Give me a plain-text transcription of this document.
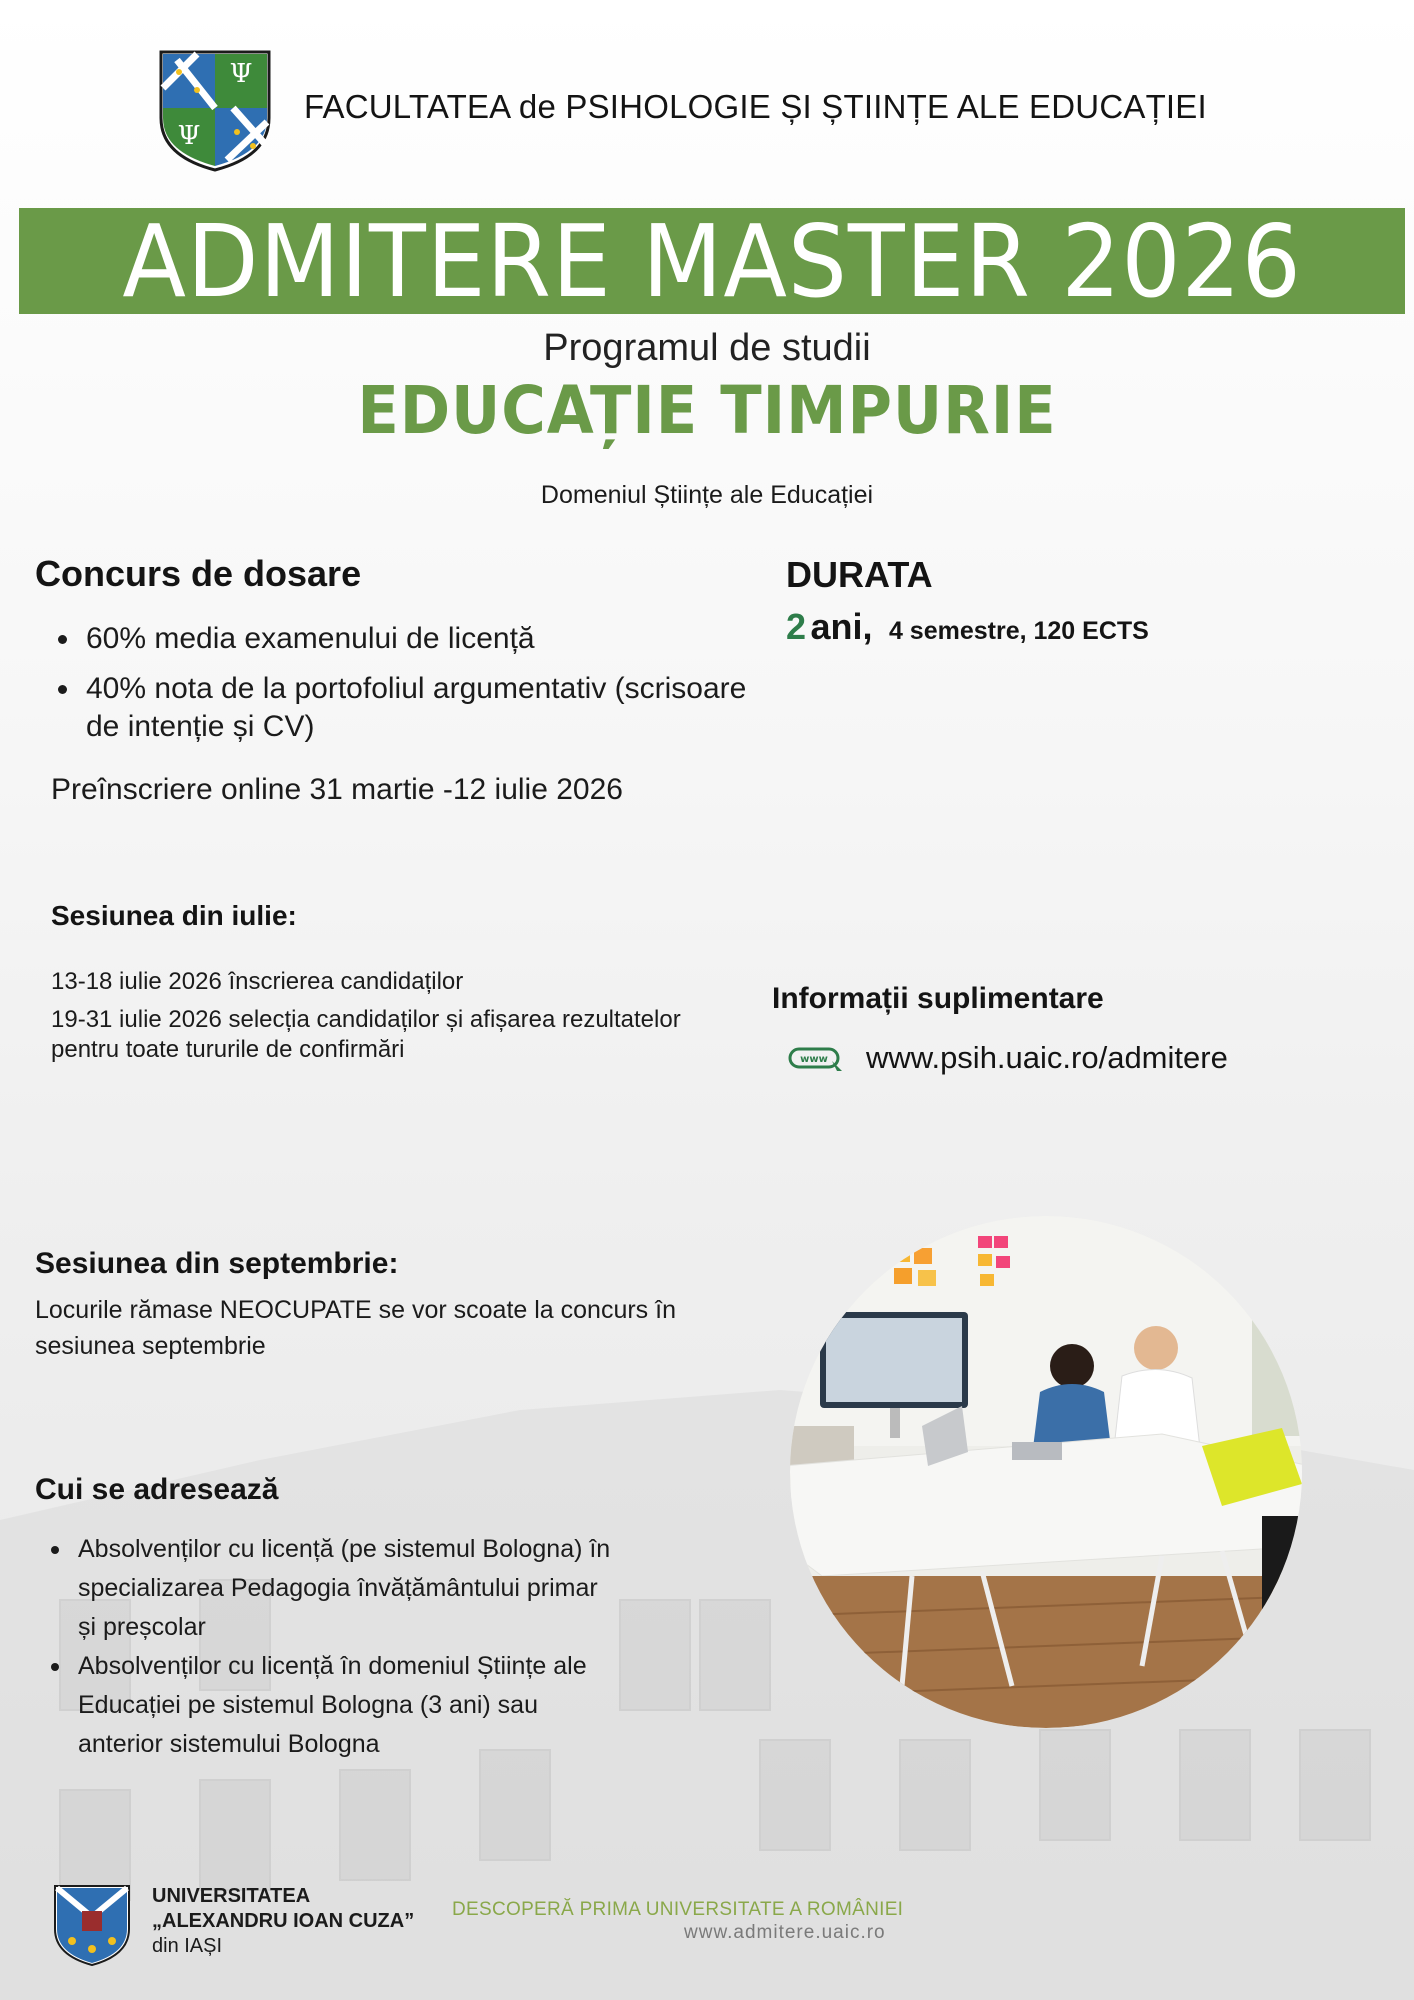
Ψ
Ψ
FACULTATEA de PSIHOLOGIE ȘI ȘTIINȚE ALE EDUCAȚIEI
ADMITERE MASTER 2026
Programul de studii
EDUCAȚIE TIMPURIE
Domeniul Științe ale Educației
Concurs de dosare
60% media examenului de licență
40% nota de la portofoliul argumentativ (scrisoare de intenție și CV)
Preînscriere online 31 martie -12 iulie 2026
DURATA
2 ani, 4 semestre, 120 ECTS
Sesiunea din iulie:

13-18 iulie 2026 înscrierea candidaților

19-31 iulie 2026 selecția candidaților și afișarea rezultatelor pentru toate tururile de confirmări

Informații suplimentare
www www.psih.uaic.ro/admitere
Sesiunea din septembrie:
Locurile rămase NEOCUPATE se vor scoate la concurs în sesiunea septembrie
Cui se adresează
Absolvenților cu licență (pe sistemul Bologna) în specializarea Pedagogia învățământului primar și preșcolar
Absolvenților cu licență în domeniul Științe ale Educației pe sistemul Bologna (3 ani) sau anterior sistemului Bologna
UNIVERSITATEA
„ALEXANDRU IOAN CUZA”
din IAȘI
DESCOPERĂ PRIMA UNIVERSITATE A ROMÂNIEI
www.admitere.uaic.ro
